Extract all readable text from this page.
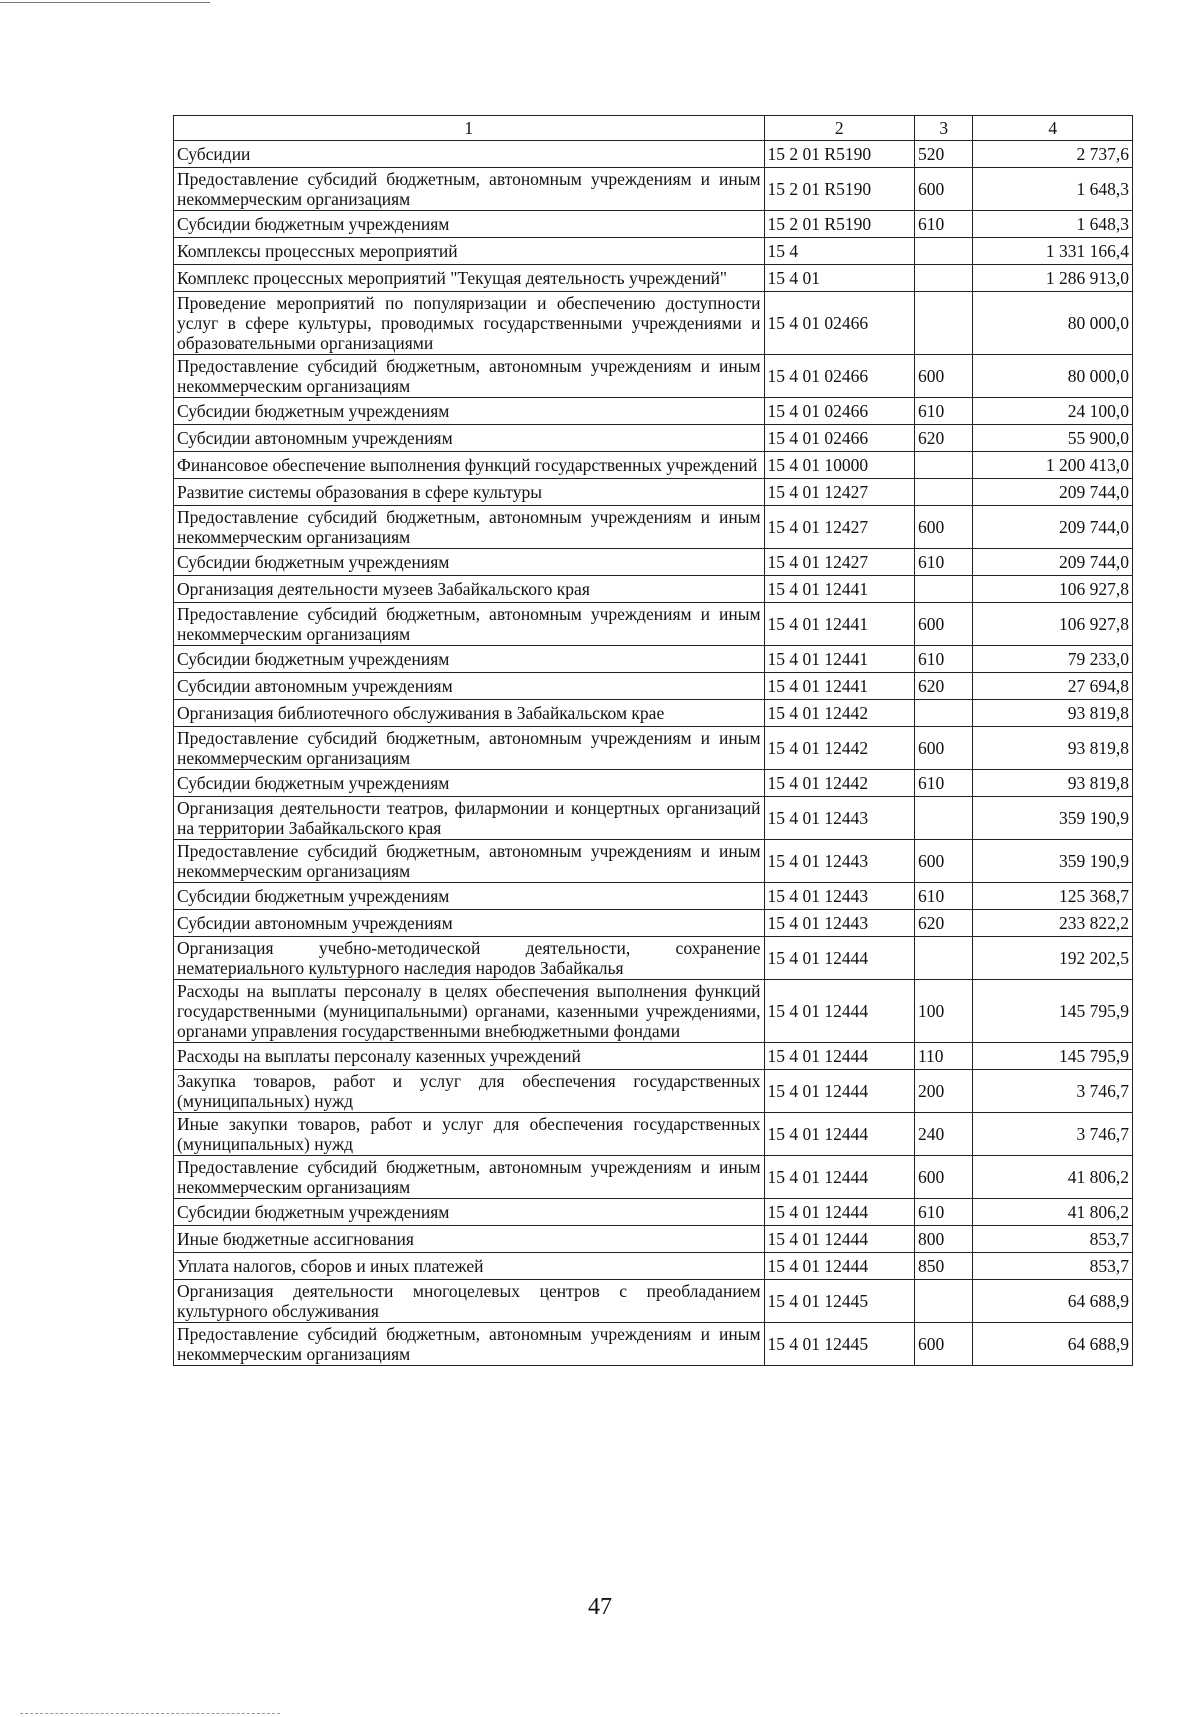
1	2	3	4
Субсидии	15 2 01 R5190	520	2 737,6
Предоставление субсидий бюджетным, автономным учреждениям и иным некоммерческим организациям	15 2 01 R5190	600	1 648,3
Субсидии бюджетным учреждениям	15 2 01 R5190	610	1 648,3
Комплексы процессных мероприятий	15 4		1 331 166,4
Комплекс процессных мероприятий "Текущая деятельность учреждений"	15 4 01		1 286 913,0
Проведение мероприятий по популяризации и обеспечению доступности услуг в сфере культуры, проводимых государственными учреждениями и образовательными организациями	15 4 01 02466		80 000,0
Предоставление субсидий бюджетным, автономным учреждениям и иным некоммерческим организациям	15 4 01 02466	600	80 000,0
Субсидии бюджетным учреждениям	15 4 01 02466	610	24 100,0
Субсидии автономным учреждениям	15 4 01 02466	620	55 900,0
Финансовое обеспечение выполнения функций государственных учреждений	15 4 01 10000		1 200 413,0
Развитие системы образования в сфере культуры	15 4 01 12427		209 744,0
Предоставление субсидий бюджетным, автономным учреждениям и иным некоммерческим организациям	15 4 01 12427	600	209 744,0
Субсидии бюджетным учреждениям	15 4 01 12427	610	209 744,0
Организация деятельности музеев Забайкальского края	15 4 01 12441		106 927,8
Предоставление субсидий бюджетным, автономным учреждениям и иным некоммерческим организациям	15 4 01 12441	600	106 927,8
Субсидии бюджетным учреждениям	15 4 01 12441	610	79 233,0
Субсидии автономным учреждениям	15 4 01 12441	620	27 694,8
Организация библиотечного обслуживания в Забайкальском крае	15 4 01 12442		93 819,8
Предоставление субсидий бюджетным, автономным учреждениям и иным некоммерческим организациям	15 4 01 12442	600	93 819,8
Субсидии бюджетным учреждениям	15 4 01 12442	610	93 819,8
Организация деятельности театров, филармонии и концертных организаций на территории Забайкальского края	15 4 01 12443		359 190,9
Предоставление субсидий бюджетным, автономным учреждениям и иным некоммерческим организациям	15 4 01 12443	600	359 190,9
Субсидии бюджетным учреждениям	15 4 01 12443	610	125 368,7
Субсидии автономным учреждениям	15 4 01 12443	620	233 822,2
Организация учебно-методической деятельности, сохранение нематериального культурного наследия народов Забайкалья	15 4 01 12444		192 202,5
Расходы на выплаты персоналу в целях обеспечения выполнения функций государственными (муниципальными) органами, казенными учреждениями, органами управления государственными внебюджетными фондами	15 4 01 12444	100	145 795,9
Расходы на выплаты персоналу казенных учреждений	15 4 01 12444	110	145 795,9
Закупка товаров, работ и услуг для обеспечения государственных (муниципальных) нужд	15 4 01 12444	200	3 746,7
Иные закупки товаров, работ и услуг для обеспечения государственных (муниципальных) нужд	15 4 01 12444	240	3 746,7
Предоставление субсидий бюджетным, автономным учреждениям и иным некоммерческим организациям	15 4 01 12444	600	41 806,2
Субсидии бюджетным учреждениям	15 4 01 12444	610	41 806,2
Иные бюджетные ассигнования	15 4 01 12444	800	853,7
Уплата налогов, сборов и иных платежей	15 4 01 12444	850	853,7
Организация деятельности многоцелевых центров с преобладанием культурного обслуживания	15 4 01 12445		64 688,9
Предоставление субсидий бюджетным, автономным учреждениям и иным некоммерческим организациям	15 4 01 12445	600	64 688,9
47
